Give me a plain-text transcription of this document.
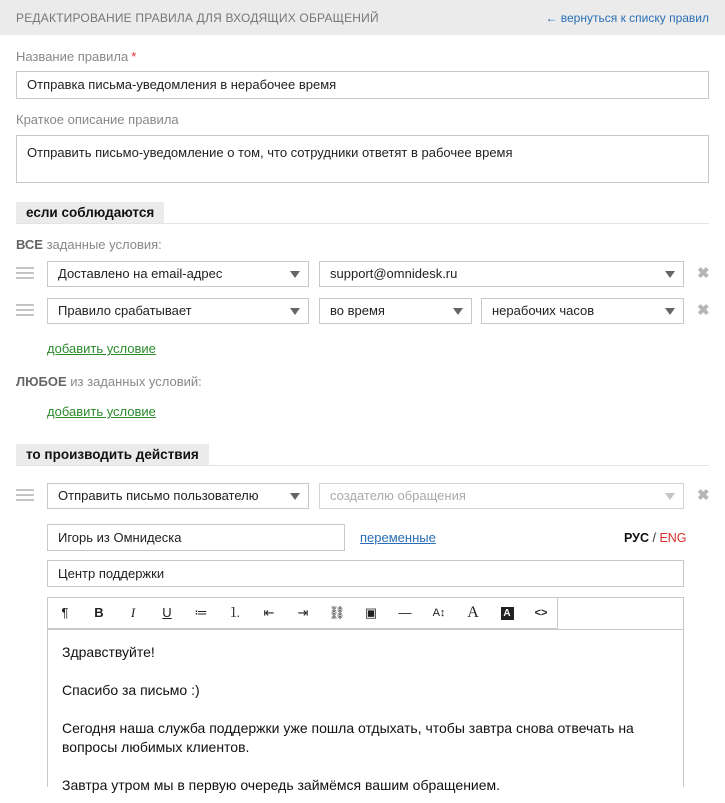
РЕДАКТИРОВАНИЕ ПРАВИЛА ДЛЯ ВХОДЯЩИХ ОБРАЩЕНИЙ	← вернуться к списку правил
Название правила *
Отправка письма-уведомления в нерабочее время
Краткое описание правила
Отправить письмо-уведомление о том, что сотрудники ответят в рабочее время
если соблюдаются
ВСЕ заданные условия:
Доставлено на email-адрес	support@omnidesk.ru	✖
Правило срабатывает	во время	нерабочих часов	✖
добавить условие
ЛЮБОЕ из заданных условий:
добавить условие
то производить действия
Отправить письмо пользователю	создателю обращения	✖
Игорь из Омнидеска	переменные	РУС / ENG
Центр поддержки
¶	B	I	U	≔	⒈	⇤	⇥	⛓	▣	—	A↕	A	A	<>

Здравствуйте!

Спасибо за письмо :)

Сегодня наша служба поддержки уже пошла отдыхать, чтобы завтра снова отвечать на вопросы любимых клиентов.

Завтра утром мы в первую очередь займёмся вашим обращением.
